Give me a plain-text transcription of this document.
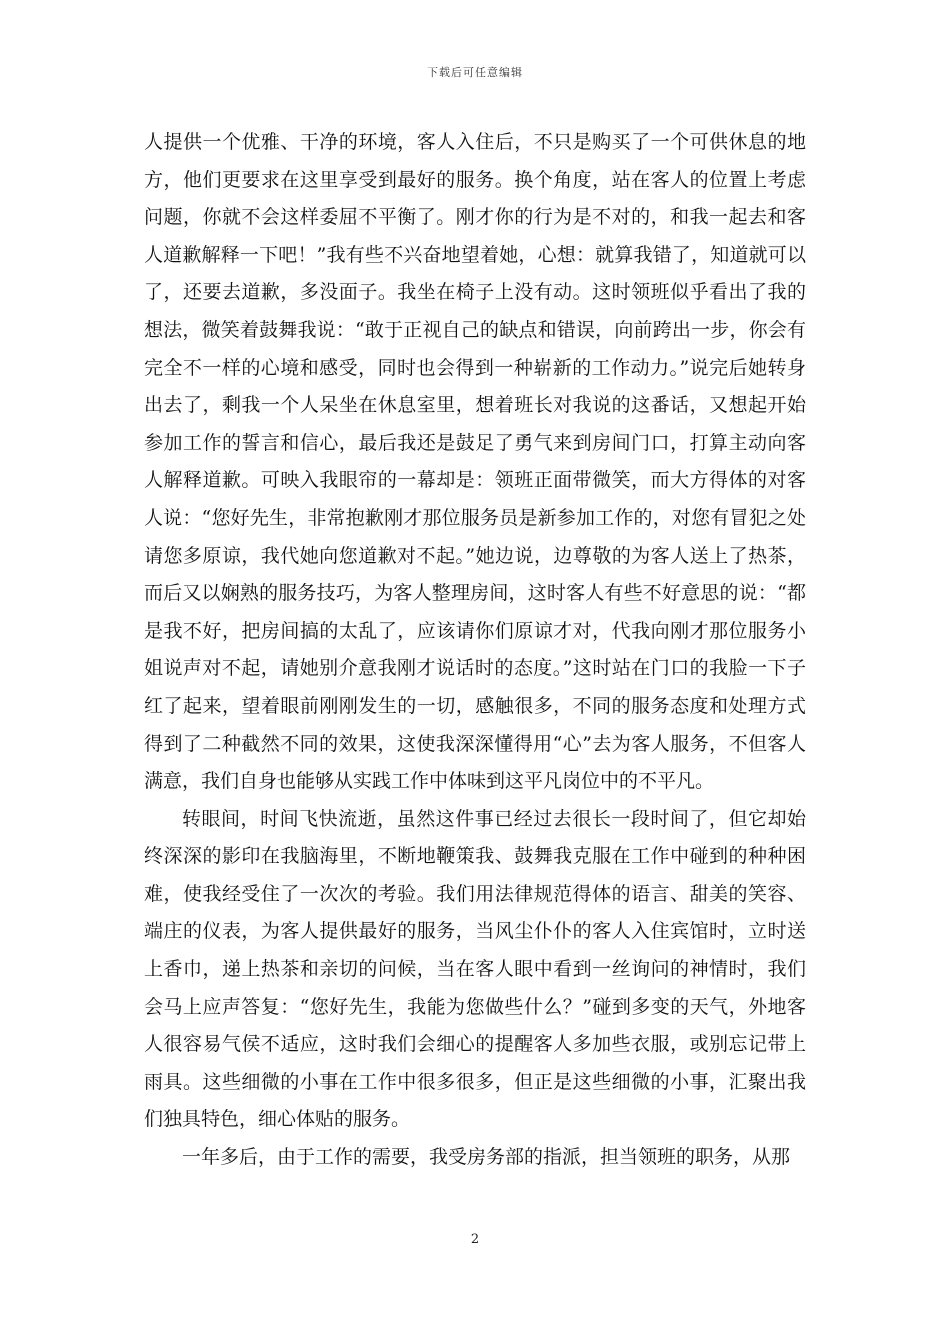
下载后可任意编辑

人提供一个优雅、干净的环境，客人入住后，不只是购买了一个可供休息的地方，他们更要求在这里享受到最好的服务。换个角度，站在客人的位置上考虑问题，你就不会这样委屈不平衡了。刚才你的行为是不对的，和我一起去和客人道歉解释一下吧！”我有些不兴奋地望着她，心想：就算我错了，知道就可以了，还要去道歉，多没面子。我坐在椅子上没有动。这时领班似乎看出了我的想法，微笑着鼓舞我说：“敢于正视自己的缺点和错误，向前跨出一步，你会有完全不一样的心境和感受，同时也会得到一种崭新的工作动力。”说完后她转身出去了，剩我一个人呆坐在休息室里，想着班长对我说的这番话，又想起开始参加工作的誓言和信心，最后我还是鼓足了勇气来到房间门口，打算主动向客人解释道歉。可映入我眼帘的一幕却是：领班正面带微笑，而大方得体的对客人说：“您好先生，非常抱歉刚才那位服务员是新参加工作的，对您有冒犯之处请您多原谅，我代她向您道歉对不起。”她边说，边尊敬的为客人送上了热茶，而后又以娴熟的服务技巧，为客人整理房间，这时客人有些不好意思的说：“都是我不好，把房间搞的太乱了，应该请你们原谅才对，代我向刚才那位服务小姐说声对不起，请她别介意我刚才说话时的态度。”这时站在门口的我脸一下子红了起来，望着眼前刚刚发生的一切，感触很多，不同的服务态度和处理方式得到了二种截然不同的效果，这使我深深懂得用“心”去为客人服务，不但客人满意，我们自身也能够从实践工作中体味到这平凡岗位中的不平凡。

转眼间，时间飞快流逝，虽然这件事已经过去很长一段时间了，但它却始终深深的影印在我脑海里，不断地鞭策我、鼓舞我克服在工作中碰到的种种困难，使我经受住了一次次的考验。我们用法律规范得体的语言、甜美的笑容、端庄的仪表，为客人提供最好的服务，当风尘仆仆的客人入住宾馆时，立时送上香巾，递上热茶和亲切的问候，当在客人眼中看到一丝询问的神情时，我们会马上应声答复：“您好先生，我能为您做些什么？”碰到多变的天气，外地客人很容易气侯不适应，这时我们会细心的提醒客人多加些衣服，或别忘记带上雨具。这些细微的小事在工作中很多很多，但正是这些细微的小事，汇聚出我们独具特色，细心体贴的服务。

一年多后，由于工作的需要，我受房务部的指派，担当领班的职务，从那

2
